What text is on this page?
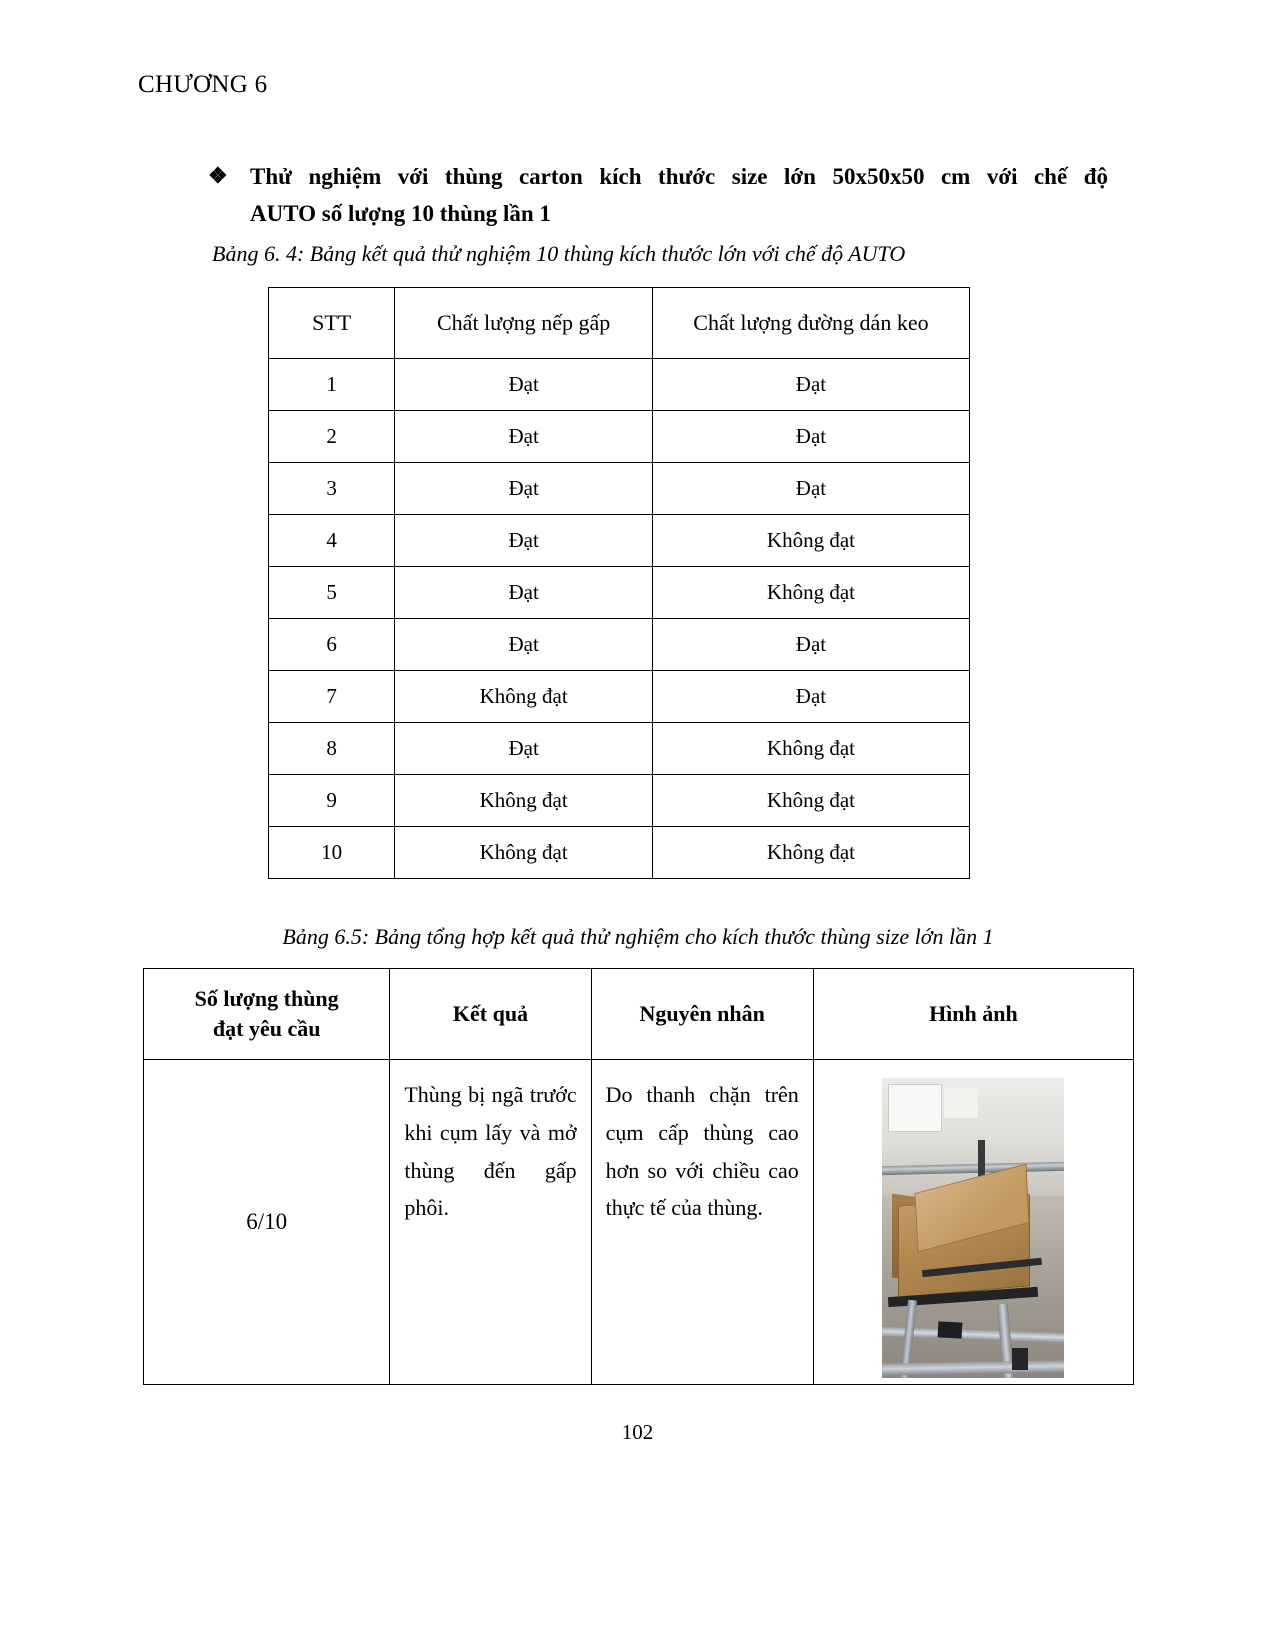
CHƯƠNG 6
❖ Thử nghiệm với thùng carton kích thước size lớn 50x50x50 cm với chế độ
AUTO số lượng 10 thùng lần 1
Bảng 6. 4: Bảng kết quả thử nghiệm 10 thùng kích thước lớn với chế độ AUTO
STT	Chất lượng nếp gấp	Chất lượng đường dán keo
1	Đạt	Đạt
2	Đạt	Đạt
3	Đạt	Đạt
4	Đạt	Không đạt
5	Đạt	Không đạt
6	Đạt	Đạt
7	Không đạt	Đạt
8	Đạt	Không đạt
9	Không đạt	Không đạt
10	Không đạt	Không đạt
Bảng 6.5: Bảng tổng hợp kết quả thử nghiệm cho kích thước thùng size lớn lần 1
Số lượng thùng
đạt yêu cầu	Kết quả	Nguyên nhân	Hình ảnh
6/10	Thùng bị ngã trước khi cụm lấy và mở thùng đến gấp phôi.	Do thanh chặn trên cụm cấp thùng cao hơn so với chiều cao thực tế của thùng.	
102
